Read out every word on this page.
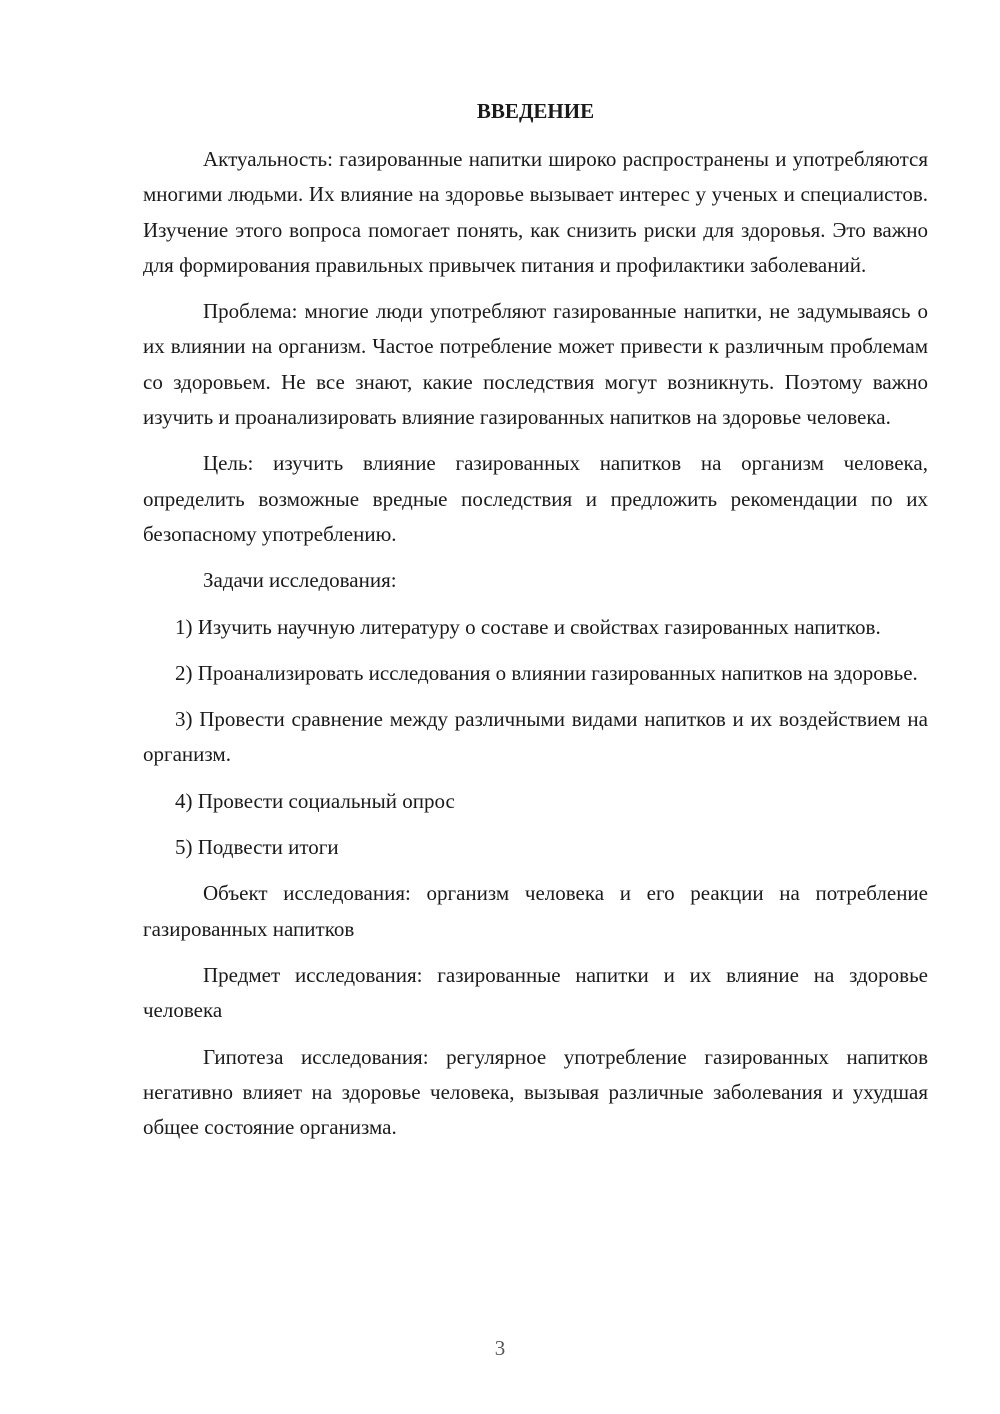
ВВЕДЕНИЕ

Актуальность: газированные напитки широко распространены и употребляются многими людьми. Их влияние на здоровье вызывает интерес у ученых и специалистов. Изучение этого вопроса помогает понять, как снизить риски для здоровья. Это важно для формирования правильных привычек питания и профилактики заболеваний.

Проблема: многие люди употребляют газированные напитки, не задумываясь о их влиянии на организм. Частое потребление может привести к различным проблемам со здоровьем. Не все знают, какие последствия могут возникнуть. Поэтому важно изучить и проанализировать влияние газированных напитков на здоровье человека.

Цель: изучить влияние газированных напитков на организм человека, определить возможные вредные последствия и предложить рекомендации по их безопасному употреблению.

Задачи исследования:

1) Изучить научную литературу о составе и свойствах газированных напитков.

2) Проанализировать исследования о влиянии газированных напитков на здоровье.

3) Провести сравнение между различными видами напитков и их воздействием на организм.

4) Провести социальный опрос

5) Подвести итоги

Объект исследования: организм человека и его реакции на потребление газированных напитков

Предмет исследования: газированные напитки и их влияние на здоровье человека

Гипотеза исследования: регулярное употребление газированных напитков негативно влияет на здоровье человека, вызывая различные заболевания и ухудшая общее состояние организма.

3
